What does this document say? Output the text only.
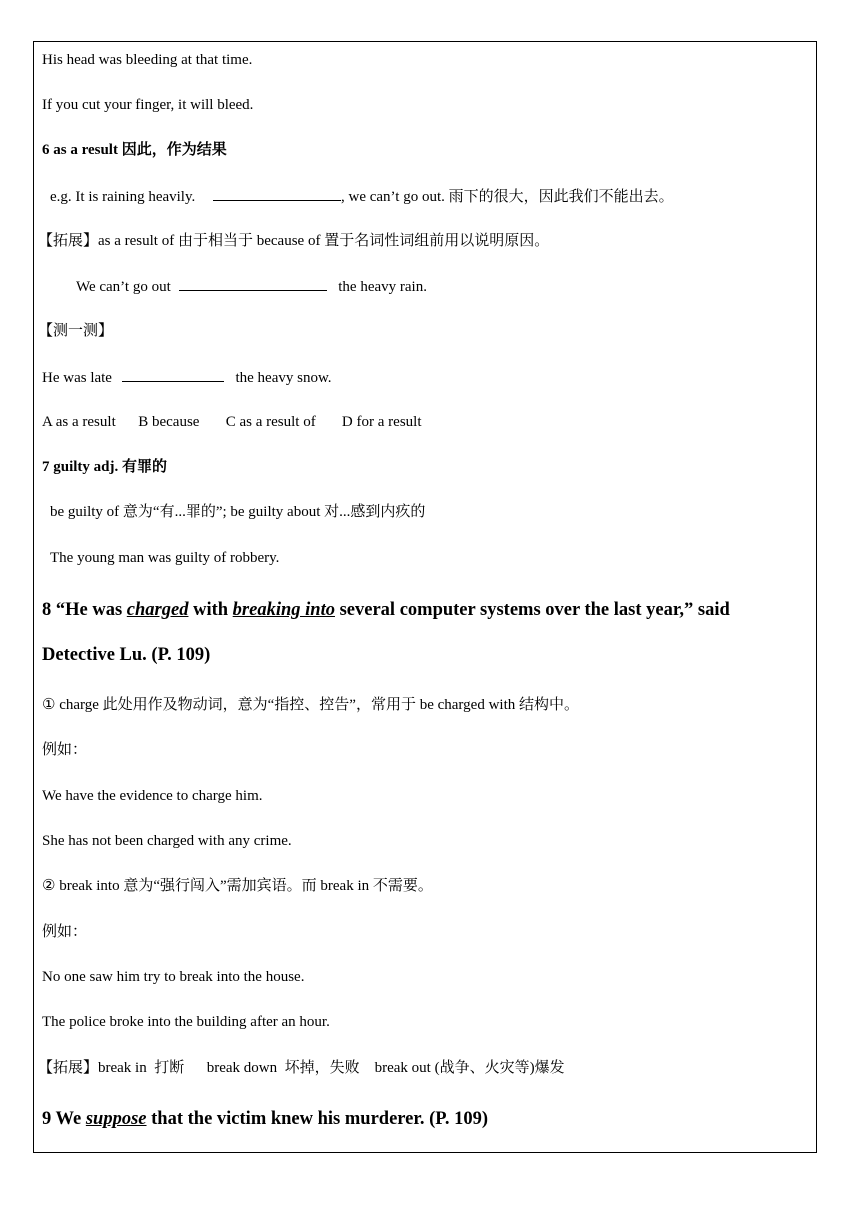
His head was bleeding at that time.
If you cut your finger, it will bleed.
6 as a result 因此，作为结果
e.g. It is raining heavily.	, we can’t go out. 雨下的很大，因此我们不能出去。
【拓展】as a result of 由于相当于 because of 置于名词性词组前用以说明原因。
We can’t go out	the heavy rain.
【测一测】
He was late	the heavy snow.
A as a result      B because       C as a result of       D for a result
7 guilty adj. 有罪的
be guilty of 意为“有...罪的”; be guilty about 对...感到内疚的
The young man was guilty of robbery.
8 “He was charged with breaking into several computer systems over the last year,” said
Detective Lu. (P. 109)
① charge 此处用作及物动词，意为“指控、控告”，常用于 be charged with 结构中。
例如：
We have the evidence to charge him.
She has not been charged with any crime.
② break into 意为“强行闯入”需加宾语。而 break in 不需要。
例如：
No one saw him try to break into the house.
The police broke into the building after an hour.
【拓展】break in  打断      break down  坏掉，失败    break out (战争、火灾等)爆发
9 We suppose that the victim knew his murderer. (P. 109)
